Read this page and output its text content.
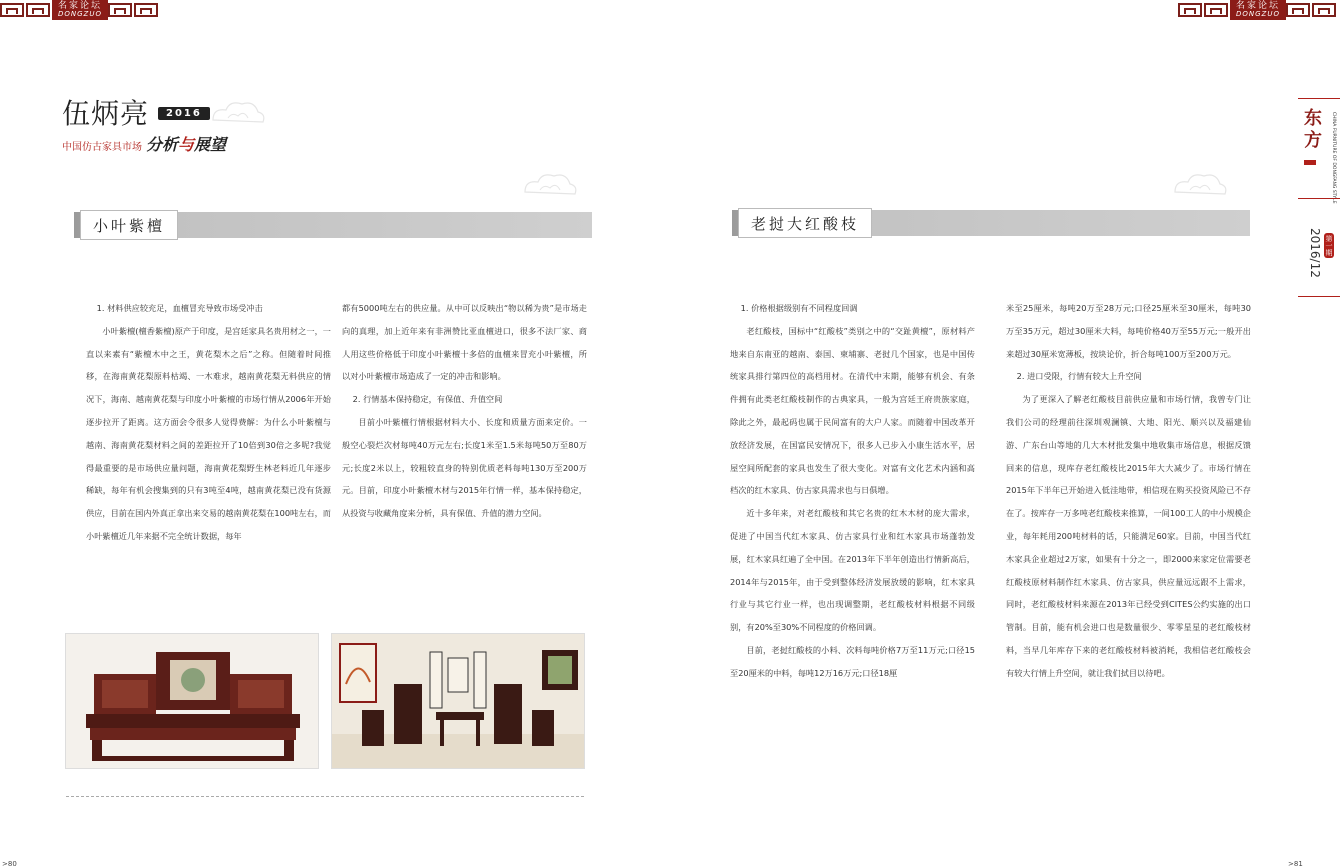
名家论坛
DONGZUO
伍炳亮	2016
中国仿古家具市场 分析与展望
小叶紫檀

1. 材料供应较充足，血檀冒充导致市场受冲击

小叶紫檀(檀香紫檀)原产于印度，是宫廷家具名贵用材之一，一直以来素有“紫檀木中之王，黄花梨木之后”之称。但随着时间推移，在海南黄花梨原料枯竭、一木难求，越南黄花梨无料供应的情况下，海南、越南黄花梨与印度小叶紫檀的市场行情从2006年开始逐步拉开了距离。这方面会令很多人觉得费解：为什么小叶紫檀与越南、海南黄花梨材料之间的差距拉开了10倍到30倍之多呢?我觉得最重要的是市场供应量问题，海南黄花梨野生林老料近几年逐步稀缺，每年有机会搜集到的只有3吨至4吨，越南黄花梨已没有货源供应，目前在国内外真正拿出来交易的越南黄花梨在100吨左右，而小叶紫檀近几年来据不完全统计数据，每年

都有5000吨左右的供应量。从中可以反映出“物以稀为贵”是市场走向的真理，加上近年来有非洲赞比亚血檀进口，很多不法厂家、商人用这些价格低于印度小叶紫檀十多倍的血檀来冒充小叶紫檀，所以对小叶紫檀市场造成了一定的冲击和影响。

2. 行情基本保持稳定，有保值、升值空间

目前小叶紫檀行情根据材料大小、长度和质量方面来定价。一般空心裂烂次材每吨40万元左右;长度1米至1.5米每吨50万至80万元;长度2米以上，较粗较直身的特别优质老料每吨130万至200万元。目前，印度小叶紫檀木材与2015年行情一样，基本保持稳定，从投资与收藏角度来分析，具有保值、升值的潜力空间。

>80
名家论坛
DONGZUO
老挝大红酸枝

1. 价格根据级别有不同程度回调

老红酸枝，国标中“红酸枝”类别之中的“交趾黄檀”，原材料产地来自东南亚的越南、泰国、柬埔寨、老挝几个国家，也是中国传统家具排行第四位的高档用材。在清代中末期，能够有机会、有条件拥有此类老红酸枝制作的古典家具，一般为宫廷王府贵族家庭，除此之外，最起码也属于民间富有的大户人家。而随着中国改革开放经济发展，在国富民安情况下，很多人已步入小康生活水平，居屋空间所配套的家具也发生了很大变化。对富有文化艺术内涵和高档次的红木家具、仿古家具需求也与日俱增。

近十多年来，对老红酸枝和其它名贵的红木木材的庞大需求，促进了中国当代红木家具、仿古家具行业和红木家具市场蓬勃发展，红木家具红遍了全中国。在2013年下半年创造出行情新高后，2014年与2015年，由于受到整体经济发展放缓的影响，红木家具行业与其它行业一样，也出现调整期，老红酸枝材料根据不同级别，有20%至30%不同程度的价格回调。

目前，老挝红酸枝的小料、次料每吨价格7万至11万元;口径15至20厘米的中料，每吨12万16万元;口径18厘

米至25厘米，每吨20万至28万元;口径25厘米至30厘米，每吨30万至35万元，超过30厘米大料，每吨价格40万至55万元;一般开出来超过30厘米宽薄板，按块论价，折合每吨100万至200万元。

2. 进口受限，行情有较大上升空间

为了更深入了解老红酸枝目前供应量和市场行情，我曾专门让我们公司的经理前往深圳观澜镇、大地、阳光、顺兴以及福建仙游、广东台山等地的几大木材批发集中地收集市场信息，根据反馈回来的信息，现库存老红酸枝比2015年大大减少了。市场行情在2015年下半年已开始进入低洼地带，相信现在购买投资风险已不存在了。按库存一万多吨老红酸枝来推算，一间100工人的中小规模企业，每年耗用200吨材料的话，只能满足60家。目前，中国当代红木家具企业超过2万家，如果有十分之一，即2000来家定位需要老红酸枝原材料制作红木家具、仿古家具，供应量远远跟不上需求，同时，老红酸枝材料来源在2013年已经受到CITES公约实施的出口管制。目前，能有机会进口也是数量很少、零零星星的老红酸枝材料，当早几年库存下来的老红酸枝材料被消耗，我相信老红酸枝会有较大行情上升空间，就让我们拭目以待吧。

>81
东方	CHINA FURNITURE OF DONGFANG STYLE
2016/12 第一期
